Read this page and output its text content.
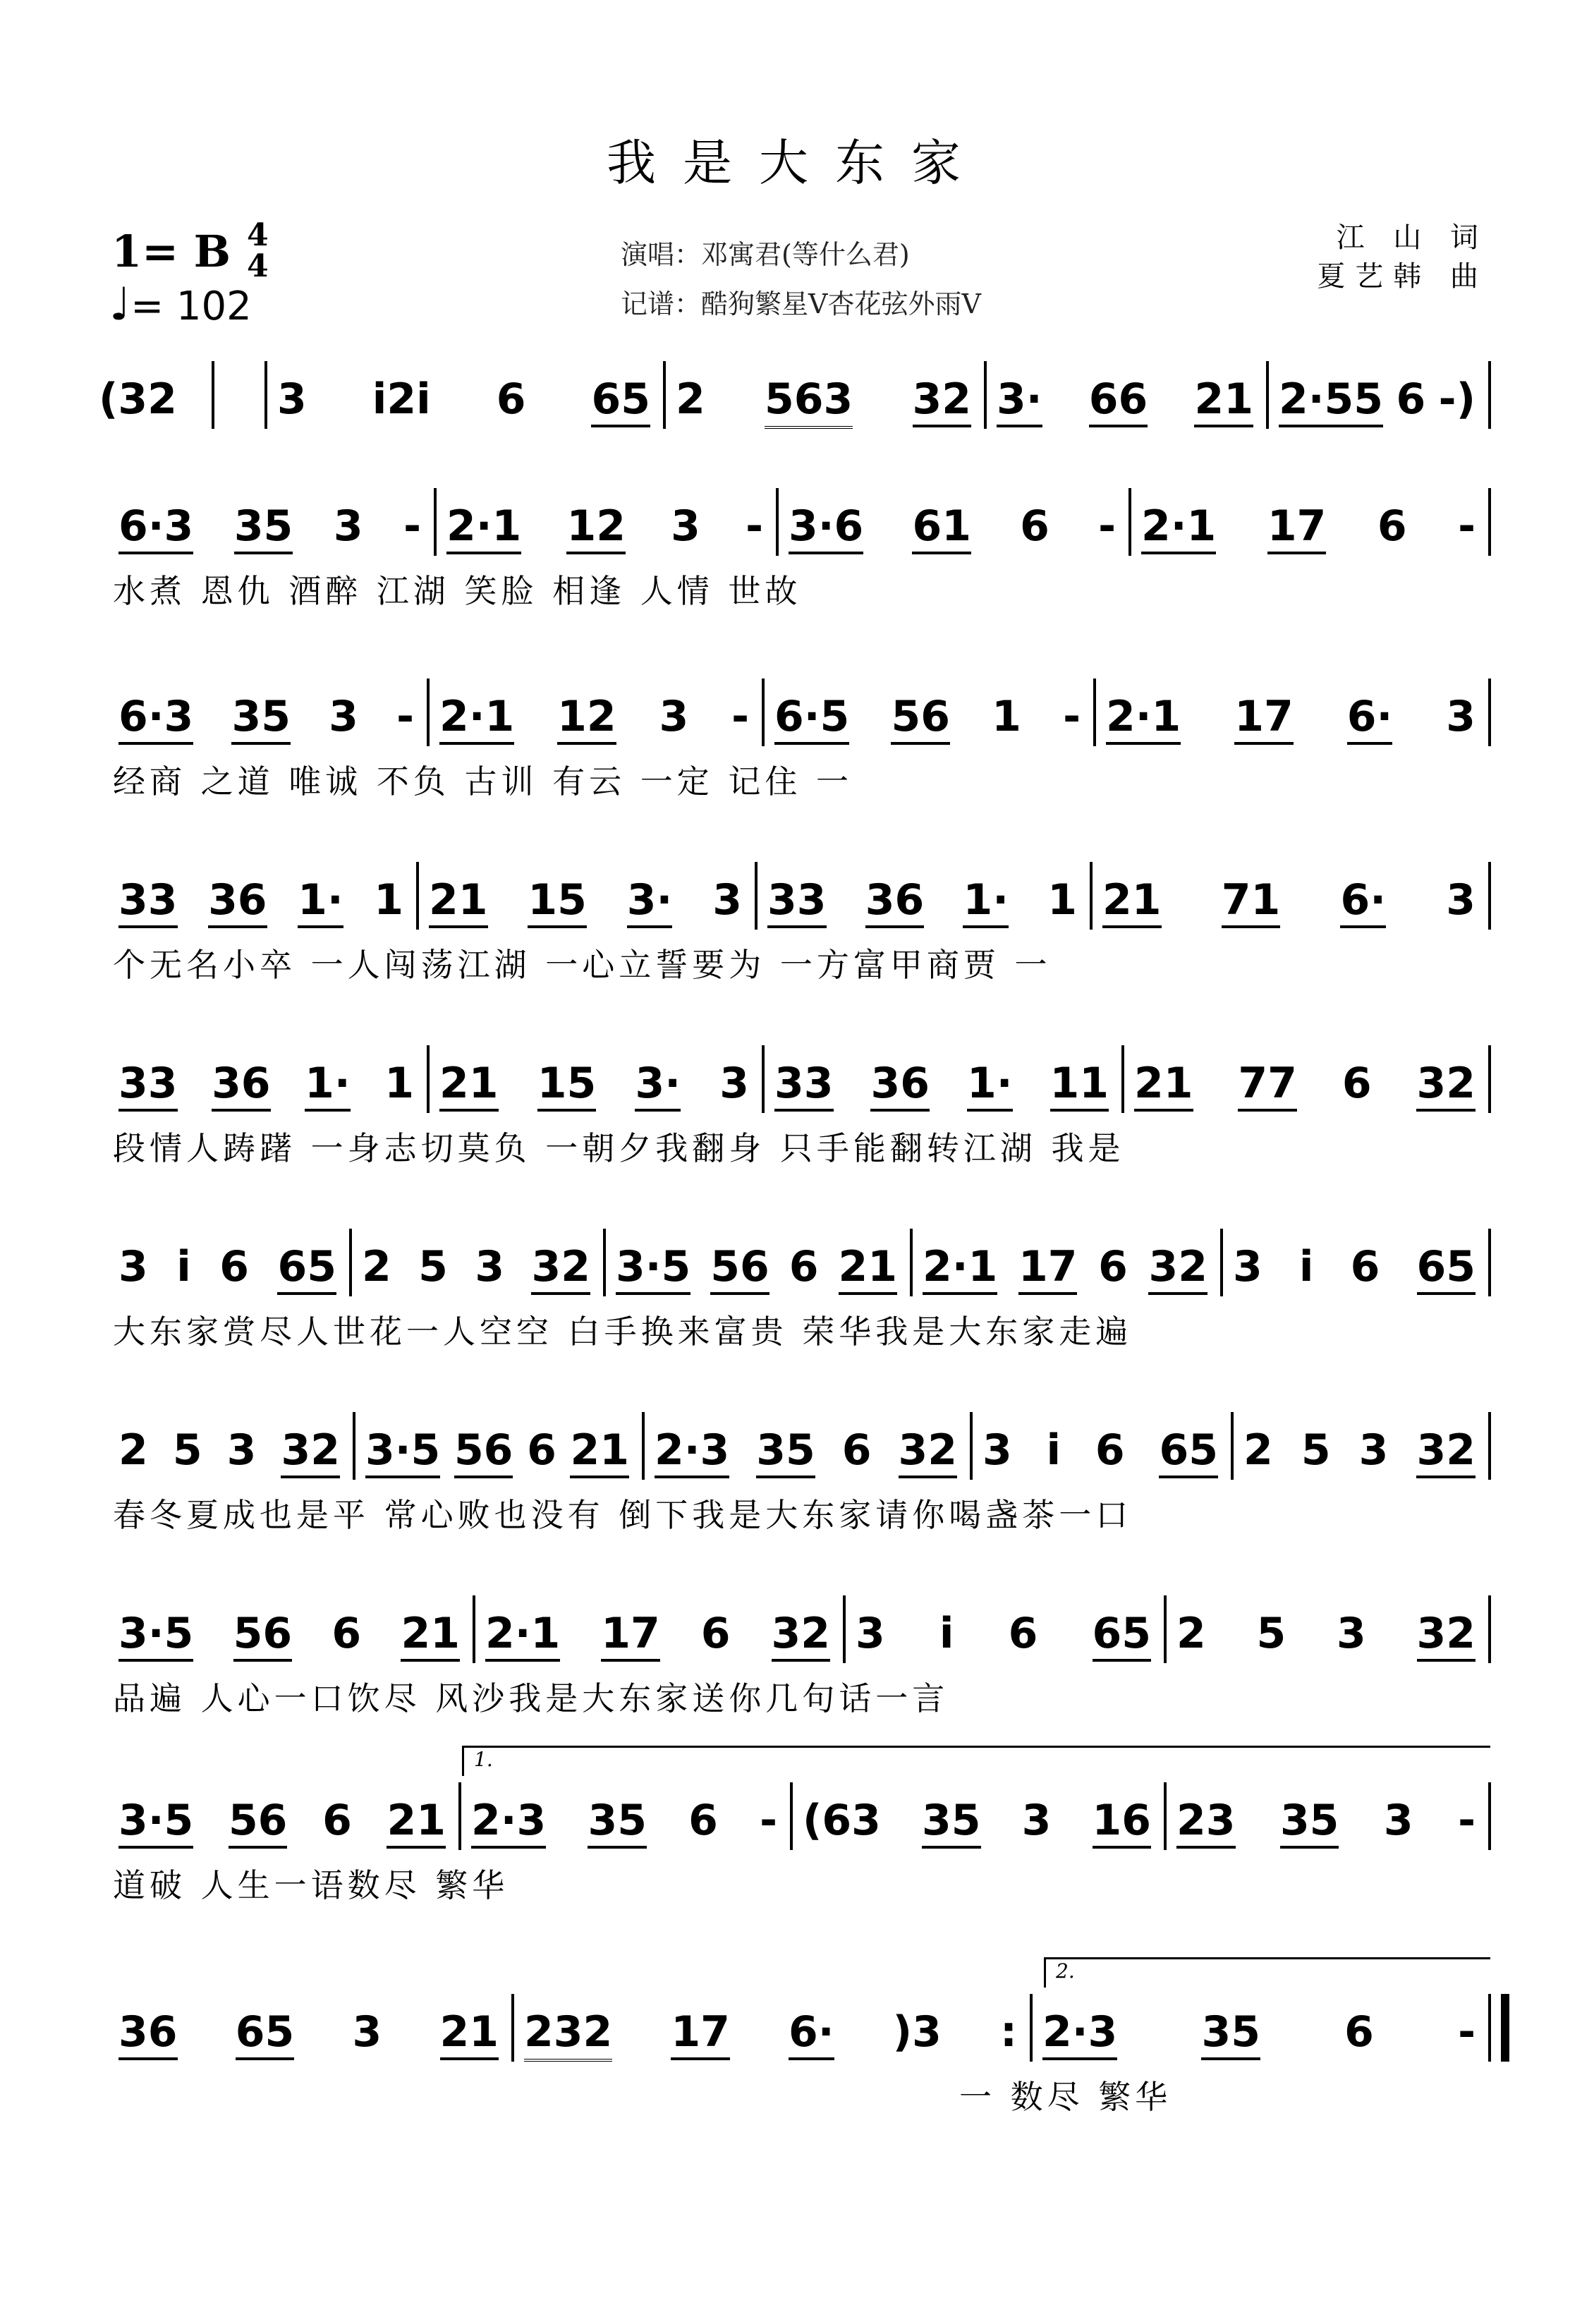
我是大东家
1= B 4
4
♩= 102
演唱：邓寓君(等什么君)
记谱：酷狗繁星V杏花弦外雨V
江 山 词
夏艺韩 曲
(32 3 i2i 6 65 2 563 32 3· 66 21 2·55 6 -)
6·3 35 3 - 2·1 12 3 - 3·6 61 6 - 2·1 17 6 -
水煮 恩仇 酒醉 江湖 笑脸 相逢 人情 世故
6·3 35 3 - 2·1 12 3 - 6·5 56 1 - 2·1 17 6· 3
经商 之道 唯诚 不负 古训 有云 一定 记住 一
33 36 1· 1 21 15 3· 3 33 36 1· 1 21 71 6· 3
个无名小卒 一人闯荡江湖 一心立誓要为 一方富甲商贾 一
33 36 1· 1 21 15 3· 3 33 36 1· 11 21 77 6 32
段情人踌躇 一身志切莫负 一朝夕我翻身 只手能翻转江湖 我是
3 i 6 65 2 5 3 32 3·5 56 6 21 2·1 17 6 32 3 i 6 65
大东家赏尽人世花一人空空 白手换来富贵 荣华我是大东家走遍
2 5 3 32 3·5 56 6 21 2·3 35 6 32 3 i 6 65 2 5 3 32
春冬夏成也是平 常心败也没有 倒下我是大东家请你喝盏茶一口
3·5 56 6 21 2·1 17 6 32 3 i 6 65 2 5 3 32
品遍 人心一口饮尽 风沙我是大东家送你几句话一言
3·5 56 6 21 2·3 35 6 - (63 35 3 16 23 35 3 -
1.
道破 人生一语数尽 繁华
36 65 3 21 232 17 6· )3 : 2·3 35 6 -
2.
一 数尽 繁华
